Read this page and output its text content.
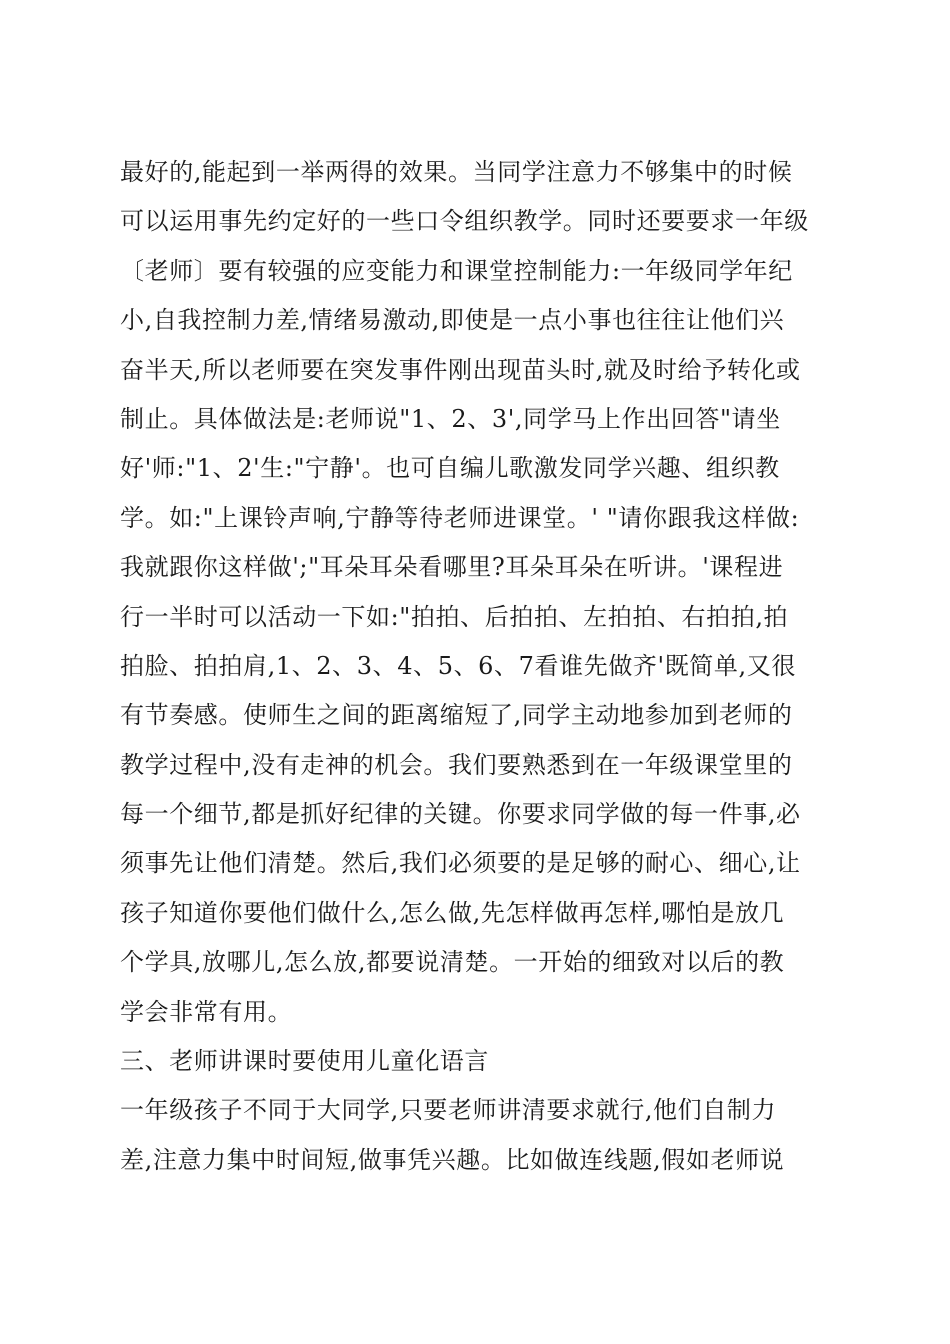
最好的,能起到一举两得的效果。当同学注意力不够集中的时候
可以运用事先约定好的一些口令组织教学。同时还要要求一年级
〔老师〕要有较强的应变能力和课堂控制能力:一年级同学年纪
小,自我控制力差,情绪易激动,即使是一点小事也往往让他们兴
奋半天,所以老师要在突发事件刚出现苗头时,就及时给予转化或
制止。具体做法是:老师说"1、2、3',同学马上作出回答"请坐
好'师:"1、2'生:"宁静'。也可自编儿歌激发同学兴趣、组织教
学。如:"上课铃声响,宁静等待老师进课堂。' "请你跟我这样做:
我就跟你这样做';"耳朵耳朵看哪里?耳朵耳朵在听讲。'课程进
行一半时可以活动一下如:"拍拍、后拍拍、左拍拍、右拍拍,拍
拍脸、拍拍肩,1、2、3、4、5、6、7看谁先做齐'既简单,又很
有节奏感。使师生之间的距离缩短了,同学主动地参加到老师的
教学过程中,没有走神的机会。我们要熟悉到在一年级课堂里的
每一个细节,都是抓好纪律的关键。你要求同学做的每一件事,必
须事先让他们清楚。然后,我们必须要的是足够的耐心、细心,让
孩子知道你要他们做什么,怎么做,先怎样做再怎样,哪怕是放几
个学具,放哪儿,怎么放,都要说清楚。一开始的细致对以后的教
学会非常有用。
三、老师讲课时要使用儿童化语言
一年级孩子不同于大同学,只要老师讲清要求就行,他们自制力
差,注意力集中时间短,做事凭兴趣。比如做连线题,假如老师说
